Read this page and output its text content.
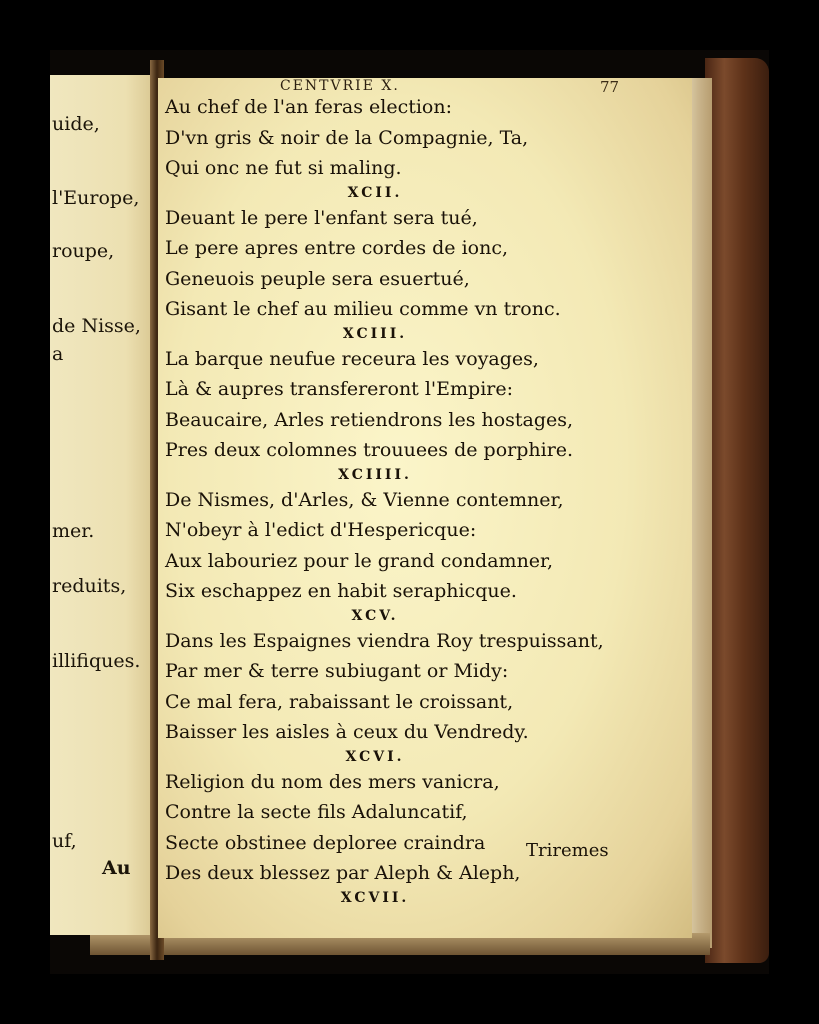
uide,
l'Europe,
roupe,
de Nisse,
a
mer.
reduits,
illifiques.
uf,
Au
CENTVRIE X.	77
Au chef de l'an feras election:
D'vn gris & noir de la Compagnie, Ta,
Qui onc ne fut si maling.
XCII.
Deuant le pere l'enfant sera tué,
Le pere apres entre cordes de ionc,
Geneuois peuple sera esuertué,
Gisant le chef au milieu comme vn tronc.
XCIII.
La barque neufue receura les voyages,
Là & aupres transfereront l'Empire:
Beaucaire, Arles retiendrons les hostages,
Pres deux colomnes trouuees de porphire.
XCIIII.
De Nismes, d'Arles, & Vienne contemner,
N'obeyr à l'edict d'Hespericque:
Aux labouriez pour le grand condamner,
Six eschappez en habit seraphicque.
XCV.
Dans les Espaignes viendra Roy trespuissant,
Par mer & terre subiugant or Midy:
Ce mal fera, rabaissant le croissant,
Baisser les aisles à ceux du Vendredy.
XCVI.
Religion du nom des mers vanicra,
Contre la secte fils Adaluncatif,
Secte obstinee deploree craindra
Des deux blessez par Aleph & Aleph,
XCVII.
Triremes
